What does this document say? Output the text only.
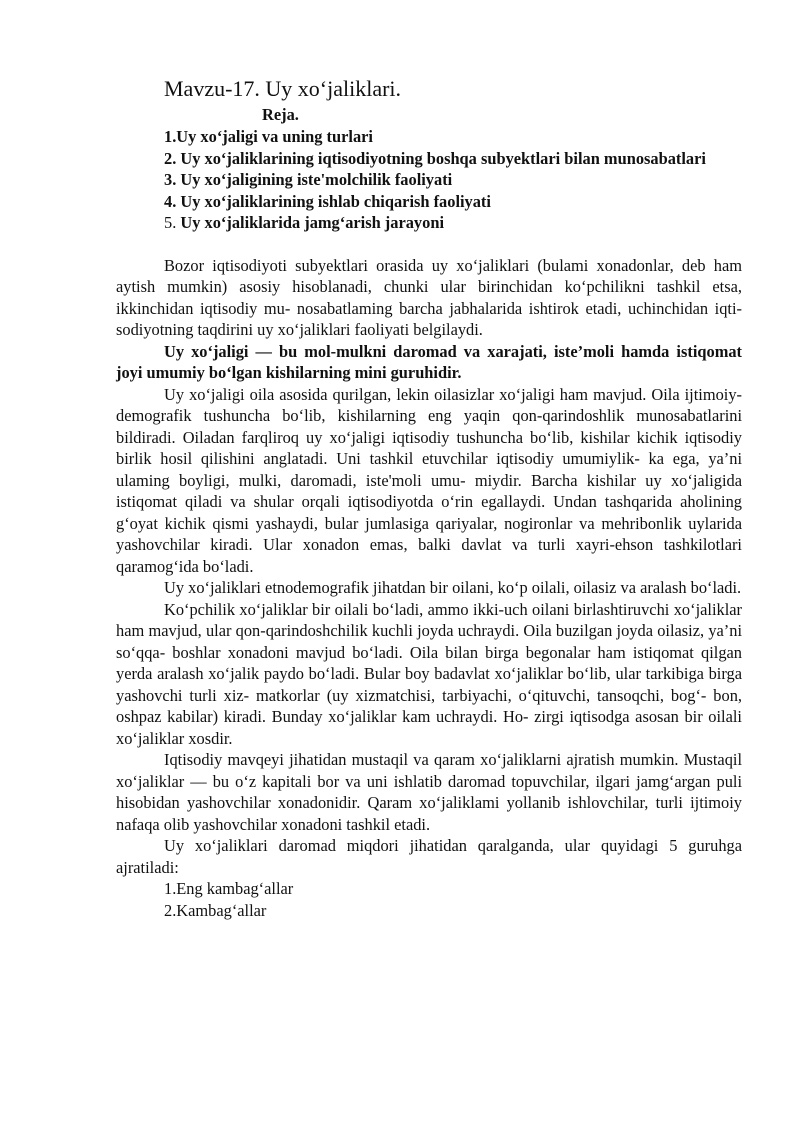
Mavzu-17. Uy xo‘jaliklari.
Reja.

1.Uy xo‘jaligi va uning turlari

2. Uy xo‘jaliklarining iqtisodiyotning boshqa subyektlari bilan munosabatlari

3. Uy xo‘jaligining iste'molchilik faoliyati

4. Uy xo‘jaliklarining ishlab chiqarish faoliyati

5. Uy xo‘jaliklarida jamg‘arish jarayoni

Bozor iqtisodiyoti subyektlari orasida uy xo‘jaliklari (bulami xonadonlar, deb ham aytish mumkin) asosiy hisoblanadi, chunki ular birinchidan ko‘pchilikni tashkil etsa, ikkinchidan iqtisodiy mu- nosabatlaming barcha jabhalarida ishtirok etadi, uchinchidan iqti- sodiyotning taqdirini uy xo‘jaliklari faoliyati belgilaydi.

Uy xo‘jaligi — bu mol-mulkni daromad va xarajati, iste’moli hamda istiqomat joyi umumiy bo‘lgan kishilarning mini guruhidir.

Uy xo‘jaligi oila asosida qurilgan, lekin oilasizlar xo‘jaligi ham mavjud. Oila ijtimoiy-demografik tushuncha bo‘lib, kishilarning eng yaqin qon-qarindoshlik munosabatlarini bildiradi. Oiladan farqliroq uy xo‘jaligi iqtisodiy tushuncha bo‘lib, kishilar kichik iqtisodiy birlik hosil qilishini anglatadi. Uni tashkil etuvchilar iqtisodiy umumiylik- ka ega, ya’ni ulaming boyligi, mulki, daromadi, iste'moli umu- miydir. Barcha kishilar uy xo‘jaligida istiqomat qiladi va shular orqali iqtisodiyotda o‘rin egallaydi. Undan tashqarida aholining g‘oyat kichik qismi yashaydi, bular jumlasiga qariyalar, nogironlar va mehribonlik uylarida yashovchilar kiradi. Ular xonadon emas, balki davlat va turli xayri-ehson tashkilotlari qaramog‘ida bo‘ladi.

Uy xo‘jaliklari etnodemografik jihatdan bir oilani, ko‘p oilali, oilasiz va aralash bo‘ladi.

Ko‘pchilik xo‘jaliklar bir oilali bo‘ladi, ammo ikki-uch oilani birlashtiruvchi xo‘jaliklar ham mavjud, ular qon-qarindoshchilik kuchli joyda uchraydi. Oila buzilgan joyda oilasiz, ya’ni so‘qqa- boshlar xonadoni mavjud bo‘ladi. Oila bilan birga begonalar ham istiqomat qilgan yerda aralash xo‘jalik paydo bo‘ladi. Bular boy badavlat xo‘jaliklar bo‘lib, ular tarkibiga birga yashovchi turli xiz- matkorlar (uy xizmatchisi, tarbiyachi, o‘qituvchi, tansoqchi, bog‘- bon, oshpaz kabilar) kiradi. Bunday xo‘jaliklar kam uchraydi. Ho- zirgi iqtisodga asosan bir oilali xo‘jaliklar xosdir.

Iqtisodiy mavqeyi jihatidan mustaqil va qaram xo‘jaliklarni ajratish mumkin. Mustaqil xo‘jaliklar — bu o‘z kapitali bor va uni ishlatib daromad topuvchilar, ilgari jamg‘argan puli hisobidan yashovchilar xonadonidir. Qaram xo‘jaliklami yollanib ishlovchilar, turli ijtimoiy nafaqa olib yashovchilar xonadoni tashkil etadi.

Uy xo‘jaliklari daromad miqdori jihatidan qaralganda, ular quyidagi 5 guruhga ajratiladi:

1.Eng kambag‘allar

2.Kambag‘allar
